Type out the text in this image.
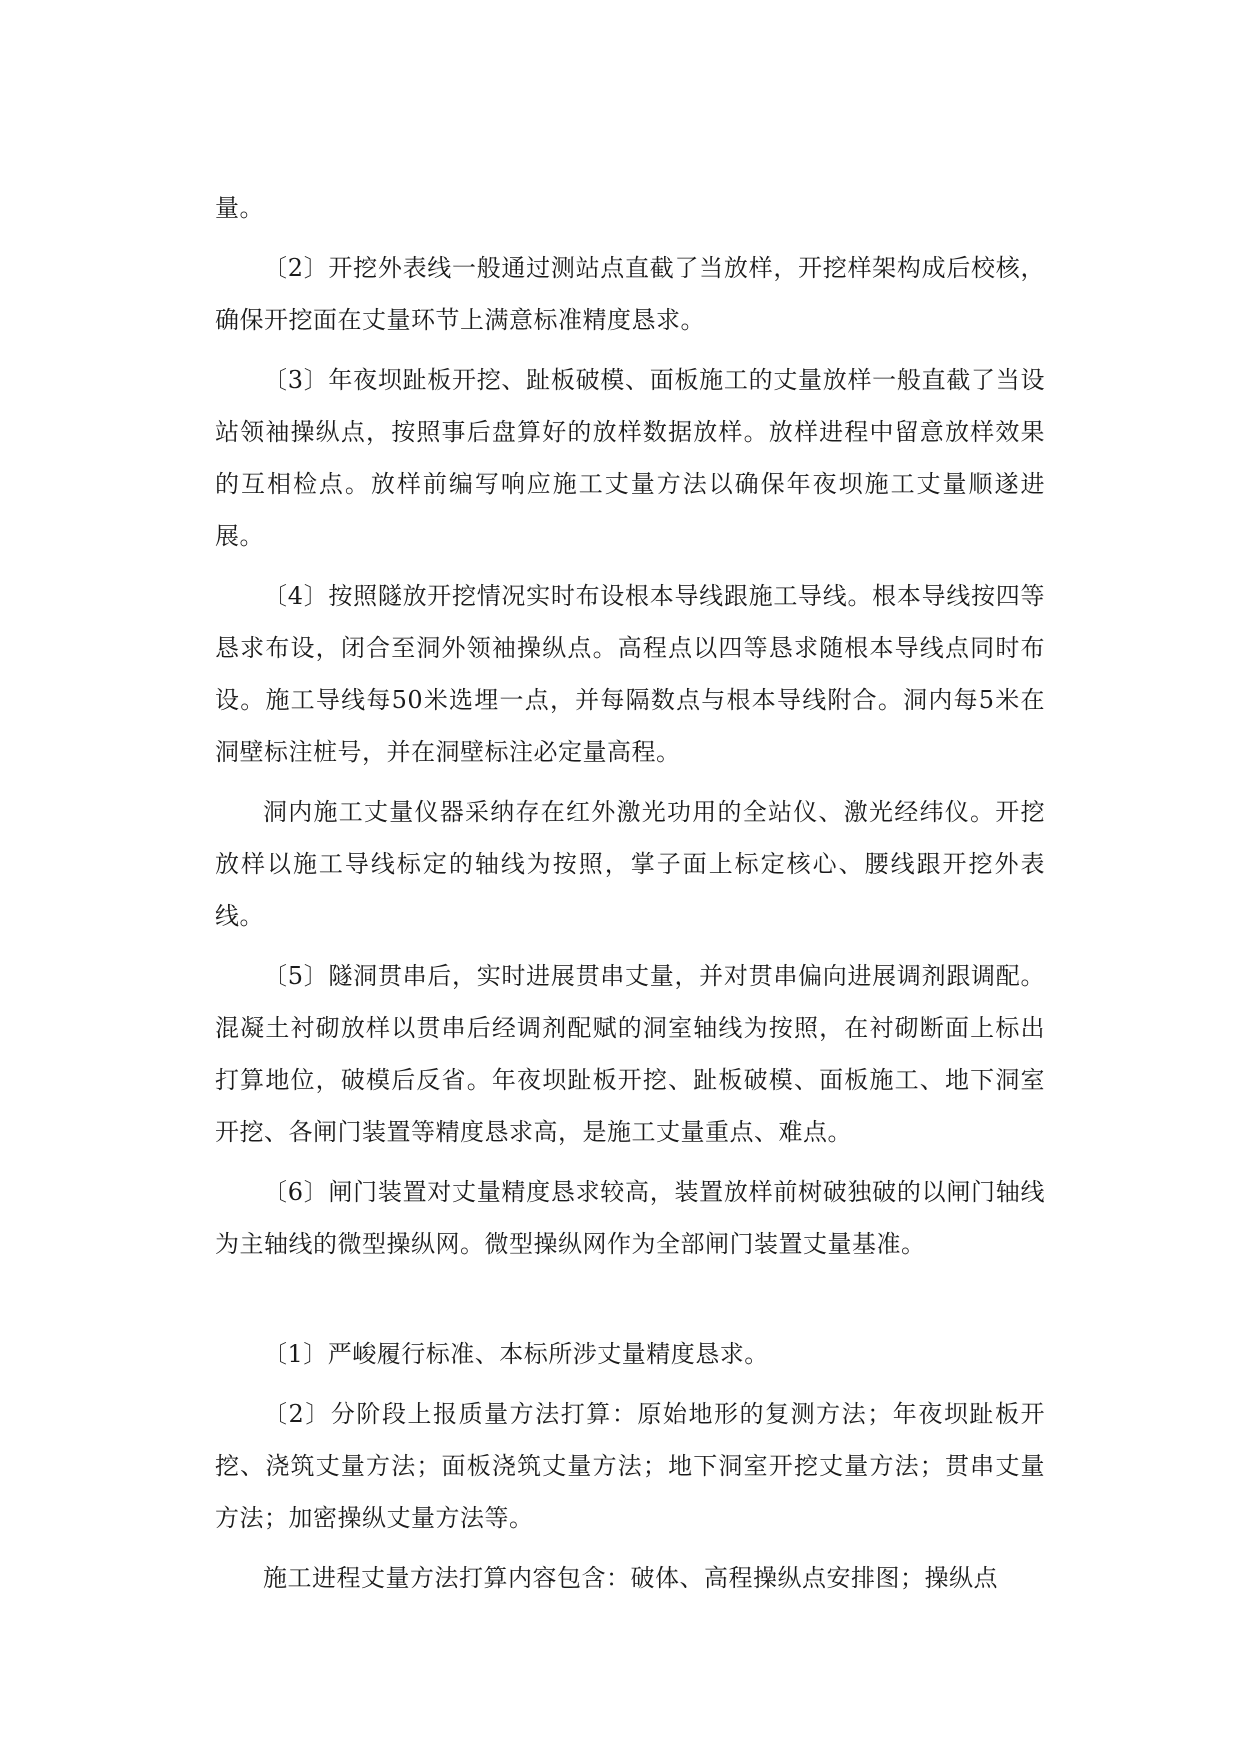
量。

〔2〕开挖外表线一般通过测站点直截了当放样，开挖样架构成后校核，确保开挖面在丈量环节上满意标准精度恳求。

〔3〕年夜坝趾板开挖、趾板破模、面板施工的丈量放样一般直截了当设站领袖操纵点，按照事后盘算好的放样数据放样。放样进程中留意放样效果的互相检点。放样前编写响应施工丈量方法以确保年夜坝施工丈量顺遂进展。

〔4〕按照隧放开挖情况实时布设根本导线跟施工导线。根本导线按四等恳求布设，闭合至洞外领袖操纵点。高程点以四等恳求随根本导线点同时布设。施工导线每50米选埋一点，并每隔数点与根本导线附合。洞内每5米在洞壁标注桩号，并在洞壁标注必定量高程。

洞内施工丈量仪器采纳存在红外激光功用的全站仪、激光经纬仪。开挖放样以施工导线标定的轴线为按照，掌子面上标定核心、腰线跟开挖外表线。

〔5〕隧洞贯串后，实时进展贯串丈量，并对贯串偏向进展调剂跟调配。混凝土衬砌放样以贯串后经调剂配赋的洞室轴线为按照，在衬砌断面上标出打算地位，破模后反省。年夜坝趾板开挖、趾板破模、面板施工、地下洞室开挖、各闸门装置等精度恳求高，是施工丈量重点、难点。

〔6〕闸门装置对丈量精度恳求较高，装置放样前树破独破的以闸门轴线为主轴线的微型操纵网。微型操纵网作为全部闸门装置丈量基准。

〔1〕严峻履行标准、本标所涉丈量精度恳求。

〔2〕分阶段上报质量方法打算：原始地形的复测方法；年夜坝趾板开挖、浇筑丈量方法；面板浇筑丈量方法；地下洞室开挖丈量方法；贯串丈量方法；加密操纵丈量方法等。

施工进程丈量方法打算内容包含：破体、高程操纵点安排图；操纵点
